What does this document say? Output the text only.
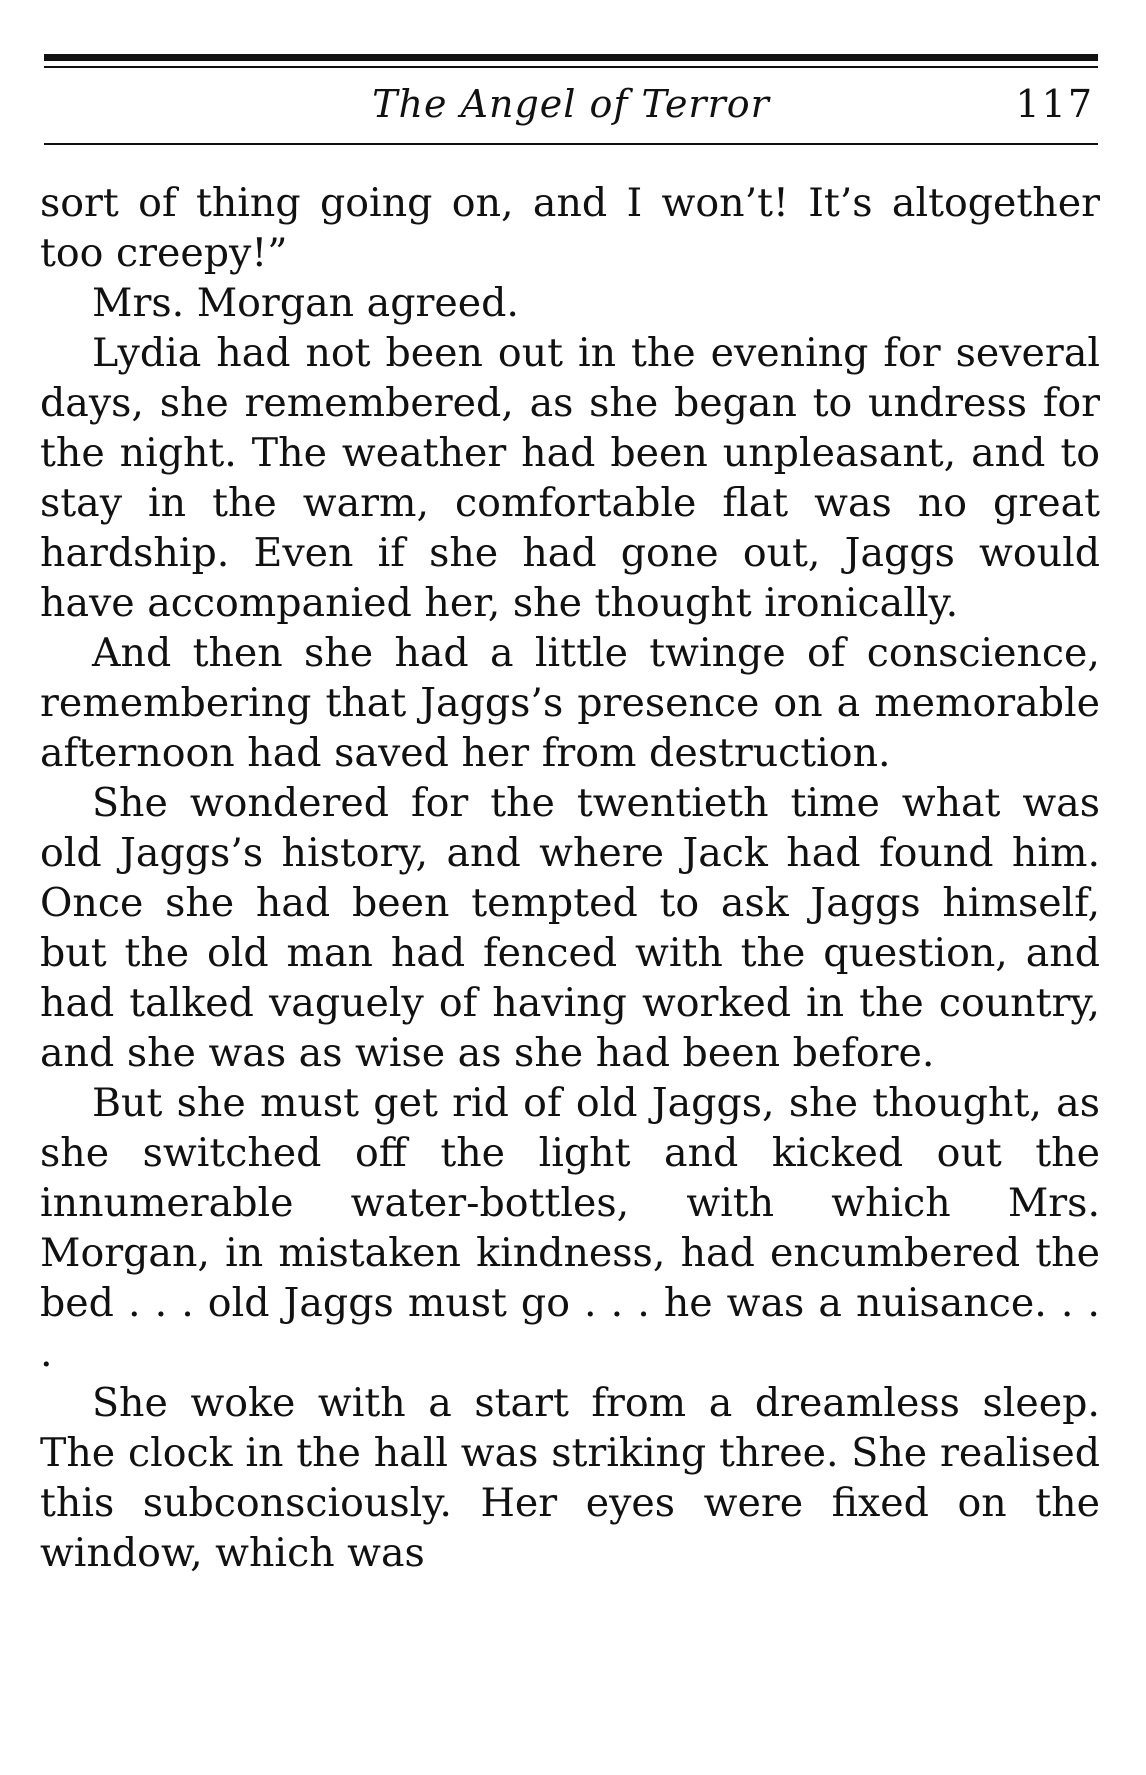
The Angel of Terror	117

sort of thing going on, and I won’t! It’s altogether too creepy!”

Mrs. Morgan agreed.

Lydia had not been out in the evening for several days, she remembered, as she began to undress for the night. The weather had been unpleasant, and to stay in the warm, comfortable flat was no great hardship. Even if she had gone out, Jaggs would have accompanied her, she thought ironically.

And then she had a little twinge of conscience, remembering that Jaggs’s presence on a memorable afternoon had saved her from destruction.

She wondered for the twentieth time what was old Jaggs’s history, and where Jack had found him. Once she had been tempted to ask Jaggs himself, but the old man had fenced with the question, and had talked vaguely of having worked in the country, and she was as wise as she had been before.

But she must get rid of old Jaggs, she thought, as she switched off the light and kicked out the innumerable water-bottles, with which Mrs. Morgan, in mistaken kindness, had encumbered the bed . . . old Jaggs must go . . . he was a nuisance. . . .

She woke with a start from a dreamless sleep. The clock in the hall was striking three. She realised this subconsciously. Her eyes were fixed on the window, which was
